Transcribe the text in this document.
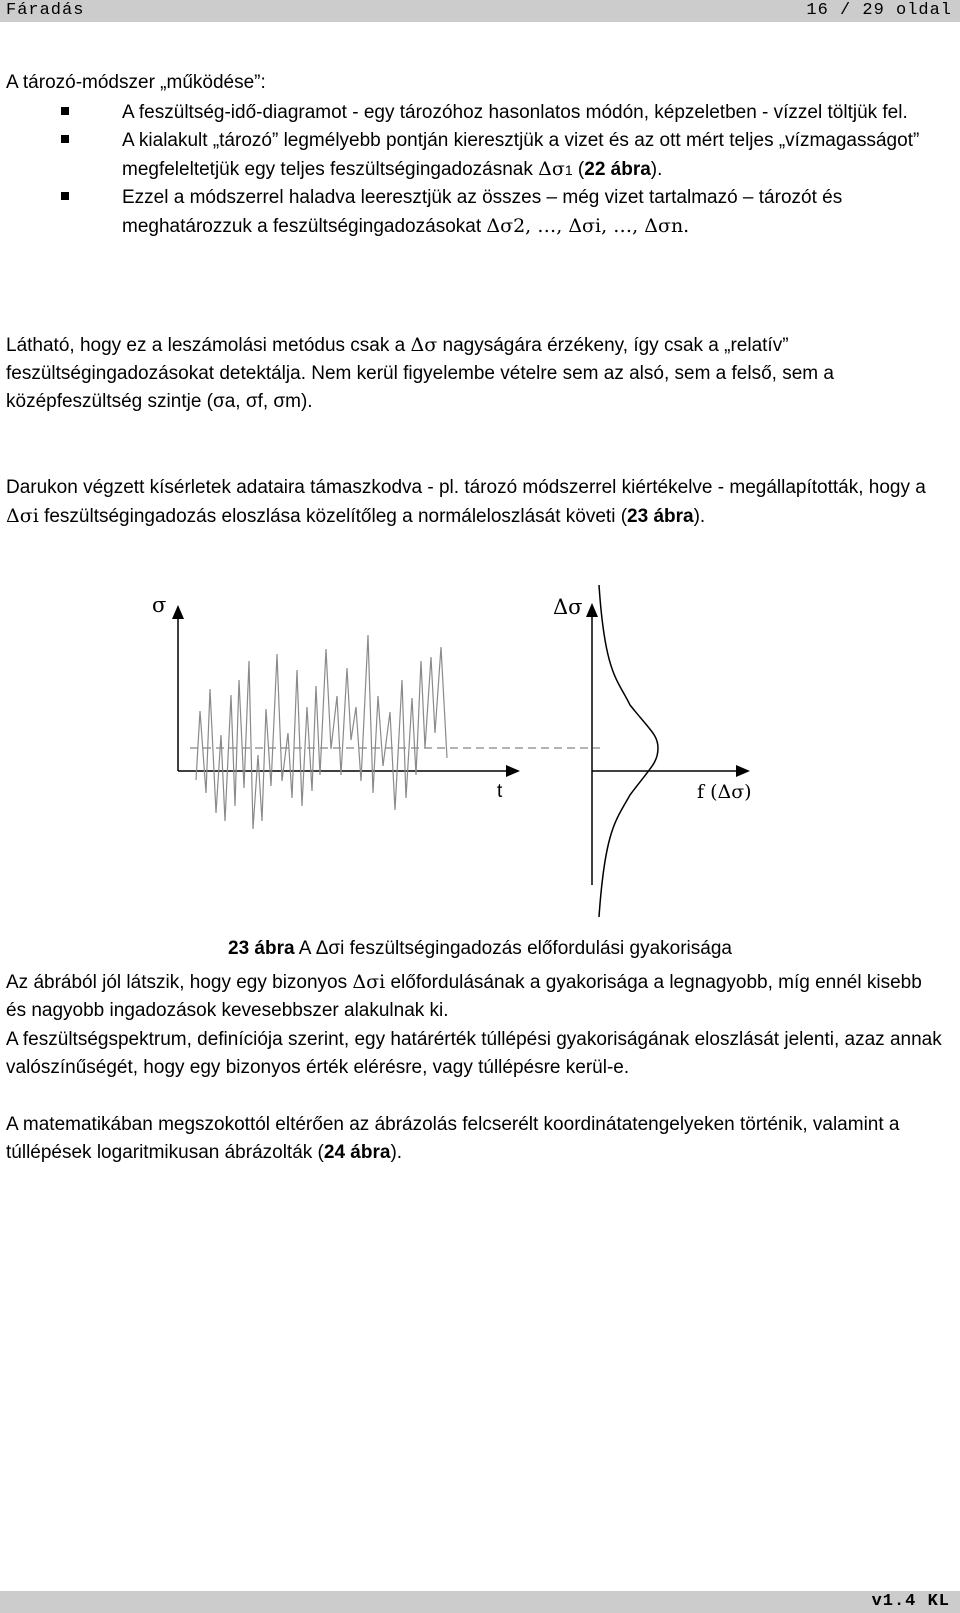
Fáradás	16 / 29 oldal

A tározó-módszer „működése”:

A feszültség-idő-diagramot - egy tározóhoz hasonlatos módón, képzeletben - vízzel töltjük fel.
A kialakult „tározó” legmélyebb pontján kieresztjük a vizet és az ott mért teljes „vízmagasságot” megfeleltetjük egy teljes feszültségingadozásnak Δσ1 (22 ábra).
Ezzel a módszerrel haladva leeresztjük az összes – még vizet tartalmazó – tározót és meghatározzuk a feszültségingadozásokat Δσ2, …, Δσi, …, Δσn.

Látható, hogy ez a leszámolási metódus csak a Δσ nagyságára érzékeny, így csak a „relatív” feszültségingadozásokat detektálja. Nem kerül figyelembe vételre sem az alsó, sem a felső, sem a középfeszültség szintje (σa, σf, σm).

Darukon végzett kísérletek adataira támaszkodva - pl. tározó módszerrel kiértékelve - megállapították, hogy a Δσi feszültségingadozás eloszlása közelítőleg a normáleloszlását követi (23 ábra).

σ
t
Δσ
f (Δσ)
23 ábra A Δσi feszültségingadozás előfordulási gyakorisága

Az ábrából jól látszik, hogy egy bizonyos Δσi előfordulásának a gyakorisága a legnagyobb, míg ennél kisebb és nagyobb ingadozások kevesebbszer alakulnak ki.

A feszültségspektrum, definíciója szerint, egy határérték túllépési gyakoriságának eloszlását jelenti, azaz annak valószínűségét, hogy egy bizonyos érték elérésre, vagy túllépésre kerül-e.

A matematikában megszokottól eltérően az ábrázolás felcserélt koordinátatengelyeken történik, valamint a túllépések logaritmikusan ábrázolták (24 ábra).

v1.4 KL
